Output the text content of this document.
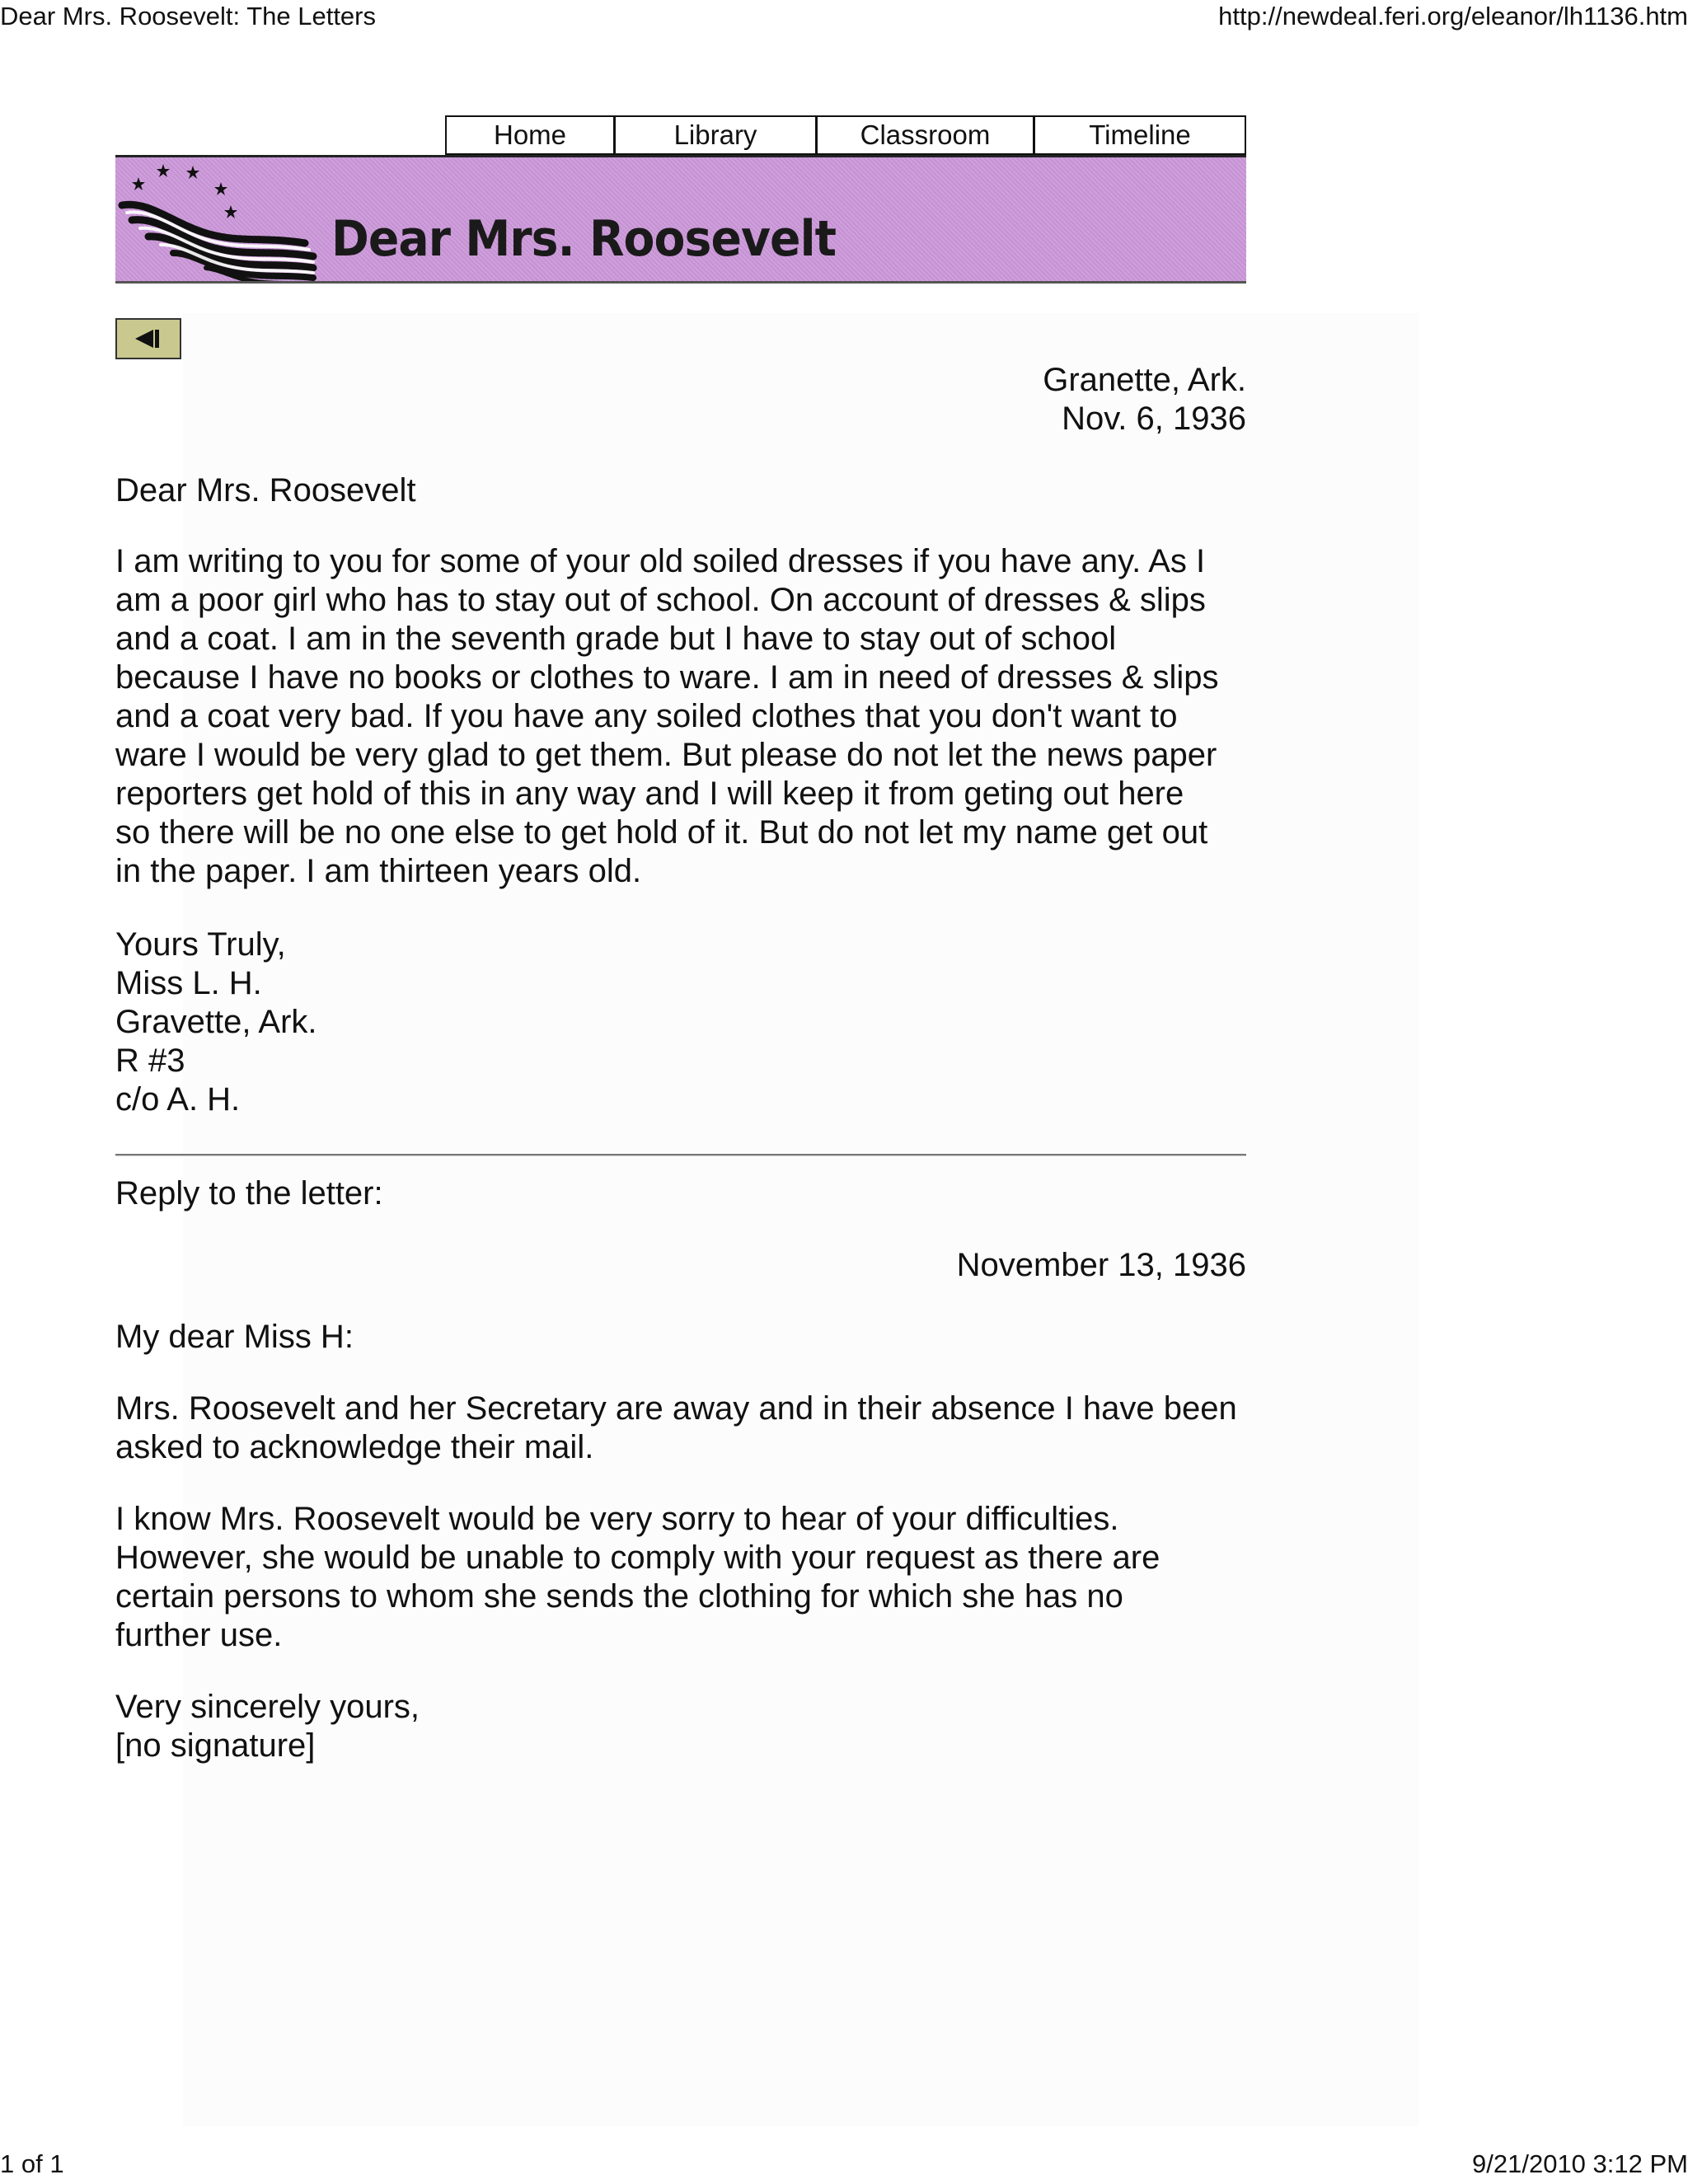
Dear Mrs. Roosevelt: The Letters	http://newdeal.feri.org/eleanor/lh1136.htm
Home	Library	Classroom	Timeline
Dear Mrs. Roosevelt
Granette, Ark.
Nov. 6, 1936
Dear Mrs. Roosevelt
I am writing to you for some of your old soiled dresses if you have any. As I
am a poor girl who has to stay out of school. On account of dresses & slips
and a coat. I am in the seventh grade but I have to stay out of school
because I have no books or clothes to ware. I am in need of dresses & slips
and a coat very bad. If you have any soiled clothes that you don't want to
ware I would be very glad to get them. But please do not let the news paper
reporters get hold of this in any way and I will keep it from geting out here
so there will be no one else to get hold of it. But do not let my name get out
in the paper. I am thirteen years old.
Yours Truly,
Miss L. H.
Gravette, Ark.
R #3
c/o A. H.
Reply to the letter:
November 13, 1936
My dear Miss H:
Mrs. Roosevelt and her Secretary are away and in their absence I have been
asked to acknowledge their mail.
I know Mrs. Roosevelt would be very sorry to hear of your difficulties.
However, she would be unable to comply with your request as there are
certain persons to whom she sends the clothing for which she has no
further use.
Very sincerely yours,
[no signature]
1 of 1	9/21/2010 3:12 PM
